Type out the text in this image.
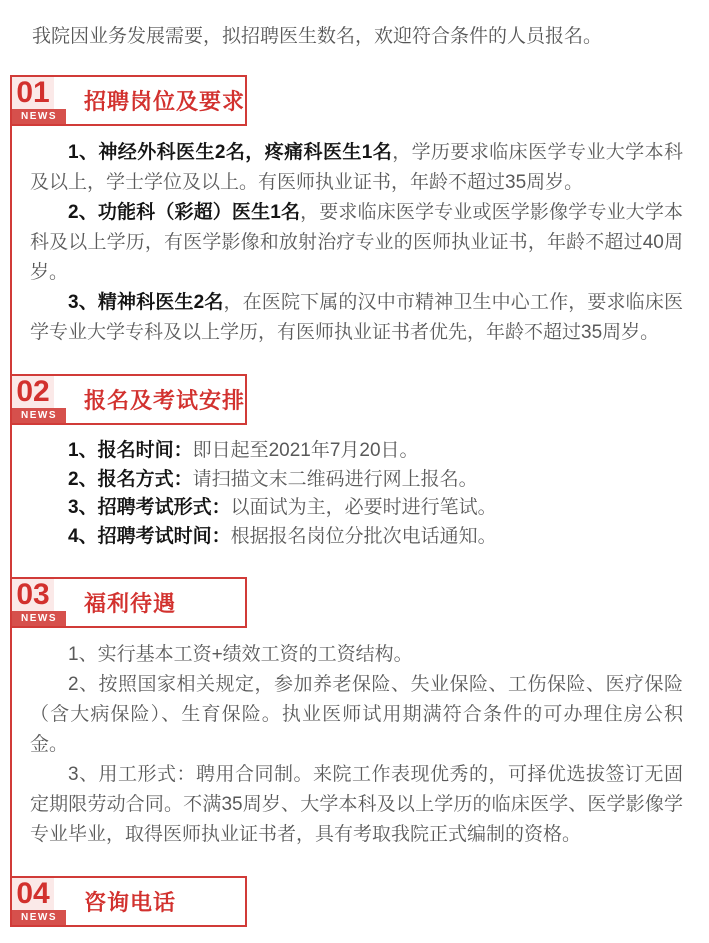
我院因业务发展需要，拟招聘医生数名，欢迎符合条件的人员报名。

01
NEWS
招聘岗位及要求

1、神经外科医生2名，疼痛科医生1名，学历要求临床医学专业大学本科及以上，学士学位及以上。有医师执业证书，年龄不超过35周岁。

2、功能科（彩超）医生1名，要求临床医学专业或医学影像学专业大学本科及以上学历，有医学影像和放射治疗专业的医师执业证书，年龄不超过40周岁。

3、精神科医生2名，在医院下属的汉中市精神卫生中心工作，要求临床医学专业大学专科及以上学历，有医师执业证书者优先，年龄不超过35周岁。

02
NEWS
报名及考试安排

1、报名时间：即日起至2021年7月20日。

2、报名方式：请扫描文末二维码进行网上报名。

3、招聘考试形式：以面试为主，必要时进行笔试。

4、招聘考试时间：根据报名岗位分批次电话通知。

03
NEWS
福利待遇

1、实行基本工资+绩效工资的工资结构。

2、按照国家相关规定，参加养老保险、失业保险、工伤保险、医疗保险（含大病保险）、生育保险。执业医师试用期满符合条件的可办理住房公积金。

3、用工形式：聘用合同制。来院工作表现优秀的，可择优选拔签订无固定期限劳动合同。不满35周岁、大学本科及以上学历的临床医学、医学影像学专业毕业，取得医师执业证书者，具有考取我院正式编制的资格。

04
NEWS
咨询电话
